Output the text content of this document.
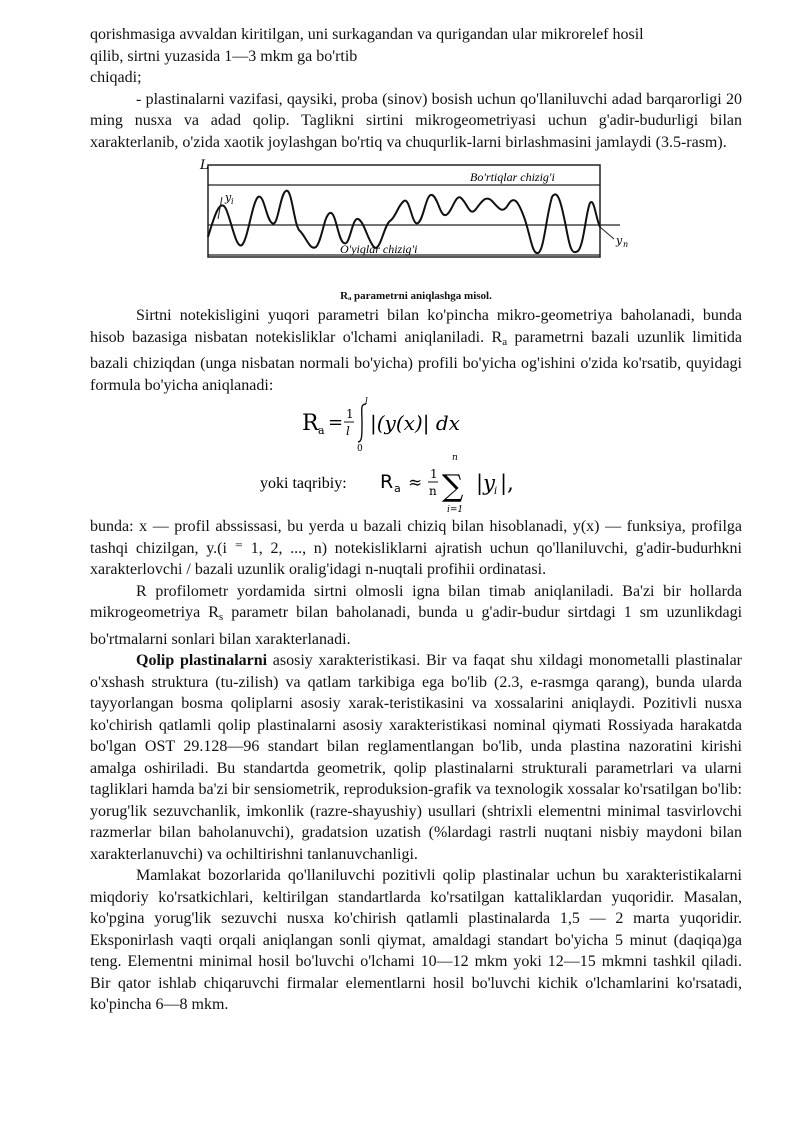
qorishmasiga avvaldan kiritilgan, uni surkagandan va qurigandan ular mikrorelef hosil

qilib, sirtni yuzasida 1—3 mkm ga bo'rtib

chiqadi;

- plastinalarni vazifasi, qaysiki, proba (sinov) bosish uchun qo'llaniluvchi adad barqarorligi 20 ming nusxa va adad qolip. Taglikni sirtini mikrogeometriyasi uchun g'adir-budurligi bilan xarakterlanib, o'zida xaotik joylashgan bo'rtiq va chuqurlik-larni birlashmasini jamlaydi (3.5-rasm).

L
Bo'rtiqlar chizig'i
O'yiqlar chizig'i
y i
y n

Rₐ parametrni aniqlashga misol.

Sirtni notekisligini yuqori parametri bilan ko'pincha mikro-geometriya baholanadi, bunda hisob bazasiga nisbatan notekisliklar o'lchami aniqlaniladi. $R_a$ parametrni bazali uzunlik limitida bazali chiziqdan (unga nisbatan normali bo'yicha) profili bo'yicha og'ishini o'zida ko'rsatib, quyidagi formula bo'yicha aniqlanadi:

R a = 1
l
l
0
|(y(x)| dx
yoki taqribiy: R a ≈ 1
n
n
∑
i=1
|y i |,

bunda: x — profil abssissasi, bu yerda u bazali chiziq bilan hisoblanadi, y(x) — funksiya, profilga tashqi chizilgan, y.(i ⁼ 1, 2, ..., n) notekisliklarni ajratish uchun qo'llaniluvchi, g'adir-budurhkni xarakterlovchi / bazali uzunlik oralig'idagi n-nuqtali profihii ordinatasi.

R profilometr yordamida sirtni olmosli igna bilan timab aniqlaniladi. Ba'zi bir hollarda mikrogeometriya $R_s$ parametr bilan baholanadi, bunda u g'adir-budur sirtdagi 1 sm uzunlikdagi bo'rtmalarni sonlari bilan xarakterlanadi.

Qolip plastinalarni asosiy xarakteristikasi. Bir va faqat shu xildagi monometalli plastinalar o'xshash struktura (tu-zilish) va qatlam tarkibiga ega bo'lib (2.3, e-rasmga qarang), bunda ularda tayyorlangan bosma qoliplarni asosiy xarak-teristikasini va xossalarini aniqlaydi. Pozitivli nusxa ko'chirish qatlamli qolip plastinalarni asosiy xarakteristikasi nominal qiymati Rossiyada harakatda bo'lgan OST 29.128—96 standart bilan reglamentlangan bo'lib, unda plastina nazoratini kirishi amalga oshiriladi. Bu standartda geometrik, qolip plastinalarni strukturali parametrlari va ularni tagliklari hamda ba'zi bir sensiometrik, reproduksion-grafik va texnologik xossalar ko'rsatilgan bo'lib: yorug'lik sezuvchanlik, imkonlik (razre-shayushiy) usullari (shtrixli elementni minimal tasvirlovchi razmerlar bilan baholanuvchi), gradatsion uzatish (%lardagi rastrli nuqtani nisbiy maydoni bilan xarakterlanuvchi) va ochiltirishni tanlanuvchanligi.

Mamlakat bozorlarida qo'llaniluvchi pozitivli qolip plastinalar uchun bu xarakteristikalarni miqdoriy ko'rsatkichlari, keltirilgan standartlarda ko'rsatilgan kattaliklardan yuqoridir. Masalan, ko'pgina yorug'lik sezuvchi nusxa ko'chirish qatlamli plastinalarda 1,5 — 2 marta yuqoridir. Eksponirlash vaqti orqali aniqlangan sonli qiymat, amaldagi standart bo'yicha 5 minut (daqiqa)ga teng. Elementni minimal hosil bo'luvchi o'lchami 10—12 mkm yoki 12—15 mkmni tashkil qiladi. Bir qator ishlab chiqaruvchi firmalar elementlarni hosil bo'luvchi kichik o'lchamlarini ko'rsatadi, ko'pincha 6—8 mkm.
